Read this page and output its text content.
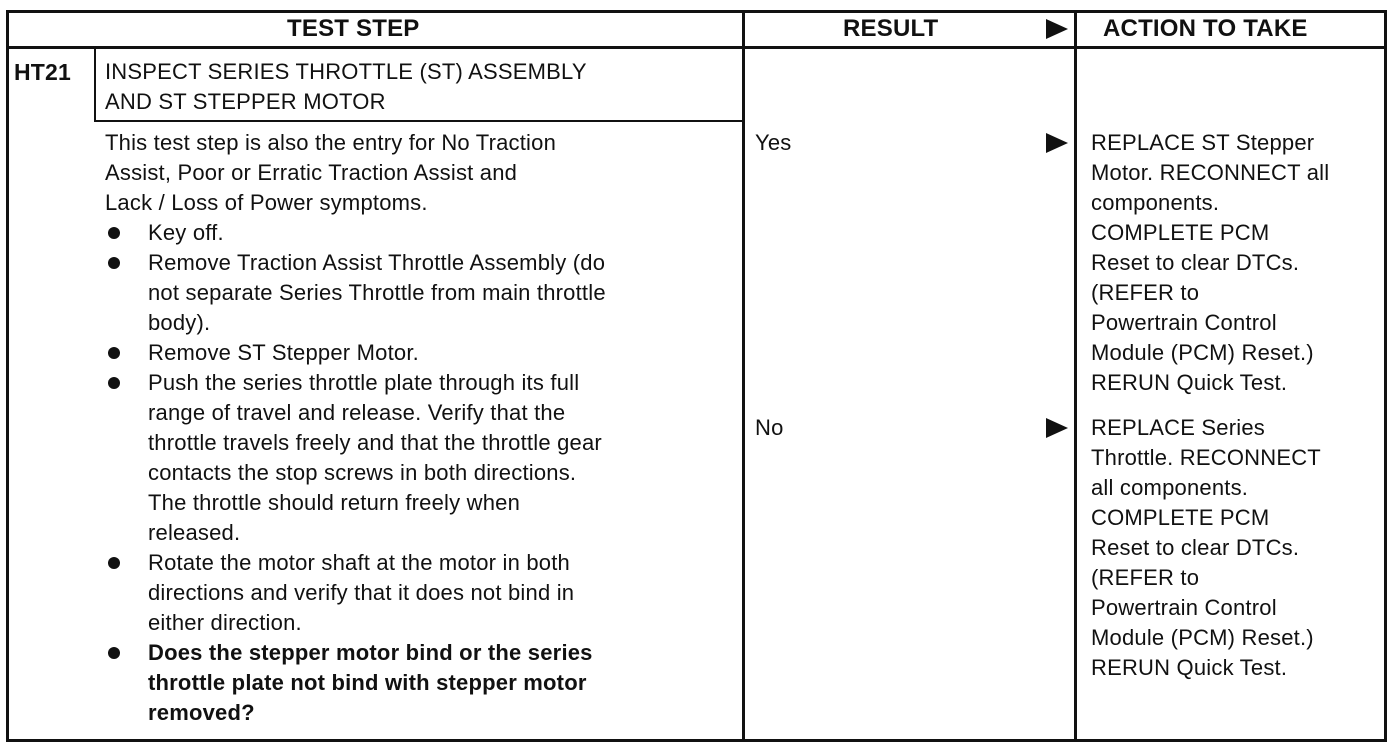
TEST STEP	RESULT	ACTION TO TAKE
HT21 INSPECT SERIES THROTTLE (ST) ASSEMBLY
AND ST STEPPER MOTOR
This test step is also the entry for No Traction
Assist, Poor or Erratic Traction Assist and
Lack / Loss of Power symptoms.
Key off.
Remove Traction Assist Throttle Assembly (do
not separate Series Throttle from main throttle
body).
Remove ST Stepper Motor.
Push the series throttle plate through its full
range of travel and release. Verify that the
throttle travels freely and that the throttle gear
contacts the stop screws in both directions.
The throttle should return freely when
released.
Rotate the motor shaft at the motor in both
directions and verify that it does not bind in
either direction.
Does the stepper motor bind or the series
throttle plate not bind with stepper motor
removed?
Yes	REPLACE ST Stepper
Motor. RECONNECT all
components.
COMPLETE PCM
Reset to clear DTCs.
(REFER to
Powertrain Control
Module (PCM) Reset.)
RERUN Quick Test.
No	REPLACE Series
Throttle. RECONNECT
all components.
COMPLETE PCM
Reset to clear DTCs.
(REFER to
Powertrain Control
Module (PCM) Reset.)
RERUN Quick Test.
